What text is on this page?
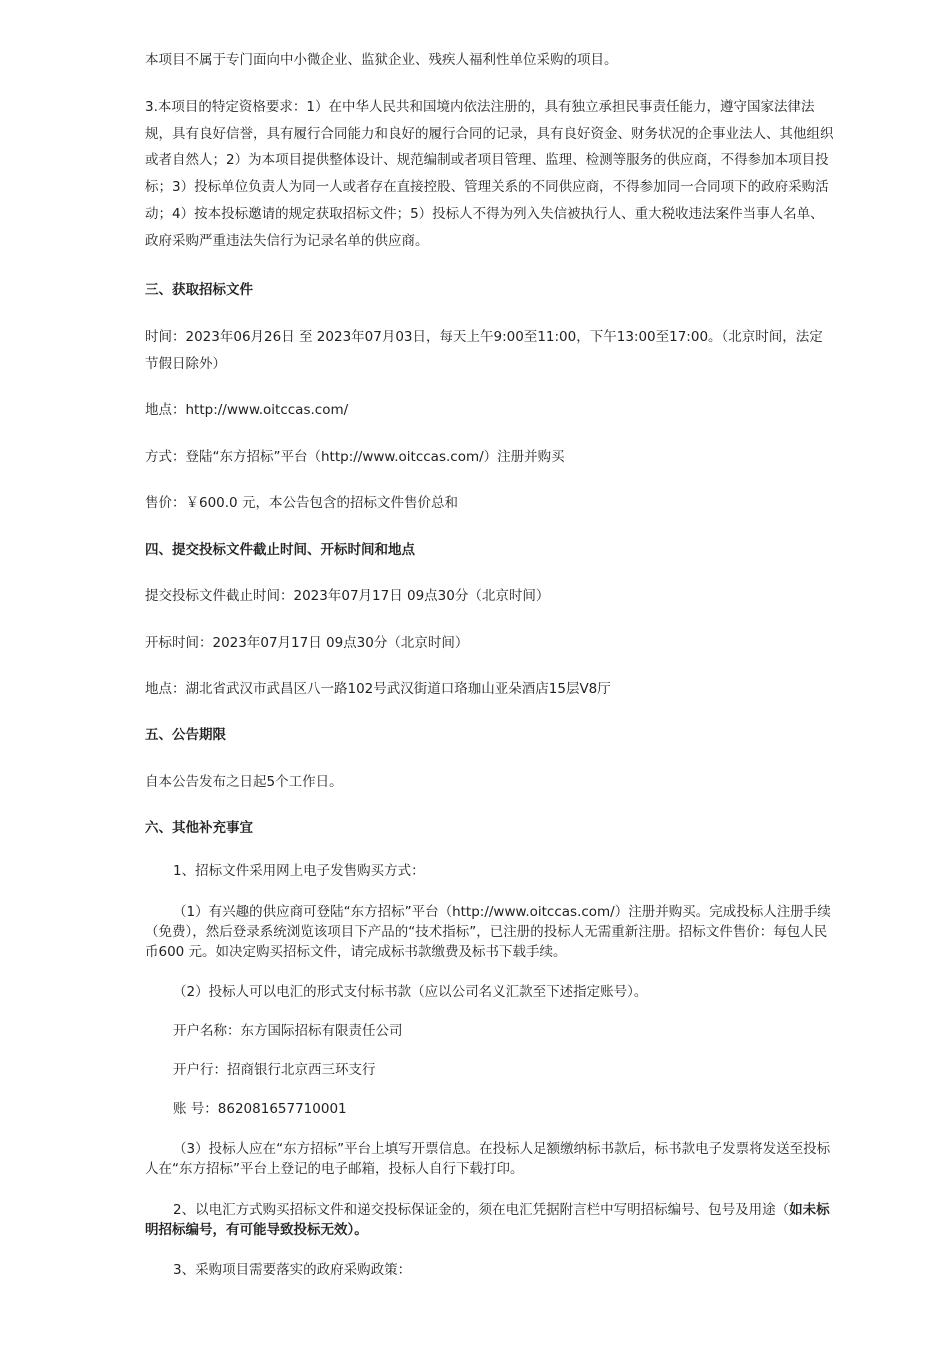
本项目不属于专门面向中小微企业、监狱企业、残疾人福利性单位采购的项目。

3.本项目的特定资格要求：1）在中华人民共和国境内依法注册的，具有独立承担民事责任能力，遵守国家法律法规，具有良好信誉，具有履行合同能力和良好的履行合同的记录，具有良好资金、财务状况的企事业法人、其他组织或者自然人；2）为本项目提供整体设计、规范编制或者项目管理、监理、检测等服务的供应商，不得参加本项目投标；3）投标单位负责人为同一人或者存在直接控股、管理关系的不同供应商，不得参加同一合同项下的政府采购活动；4）按本投标邀请的规定获取招标文件；5）投标人不得为列入失信被执行人、重大税收违法案件当事人名单、政府采购严重违法失信行为记录名单的供应商。

三、获取招标文件

时间：2023年06月26日 至 2023年07月03日，每天上午9:00至11:00，下午13:00至17:00。（北京时间，法定节假日除外）

地点：http://www.oitccas.com/

方式：登陆“东方招标”平台（http://www.oitccas.com/）注册并购买

售价：￥600.0 元，本公告包含的招标文件售价总和

四、提交投标文件截止时间、开标时间和地点

提交投标文件截止时间：2023年07月17日 09点30分（北京时间）

开标时间：2023年07月17日 09点30分（北京时间）

地点：湖北省武汉市武昌区八一路102号武汉街道口珞珈山亚朵酒店15层V8厅

五、公告期限

自本公告发布之日起5个工作日。

六、其他补充事宜

1、招标文件采用网上电子发售购买方式：

（1）有兴趣的供应商可登陆“东方招标”平台（http://www.oitccas.com/）注册并购买。完成投标人注册手续（免费），然后登录系统浏览该项目下产品的“技术指标”，已注册的投标人无需重新注册。招标文件售价：每包人民币600 元。如决定购买招标文件，请完成标书款缴费及标书下载手续。

（2）投标人可以电汇的形式支付标书款（应以公司名义汇款至下述指定账号）。

开户名称：东方国际招标有限责任公司

开户行：招商银行北京西三环支行

账 号：862081657710001

（3）投标人应在“东方招标”平台上填写开票信息。在投标人足额缴纳标书款后，标书款电子发票将发送至投标人在“东方招标”平台上登记的电子邮箱，投标人自行下载打印。

2、以电汇方式购买招标文件和递交投标保证金的，须在电汇凭据附言栏中写明招标编号、包号及用途（如未标明招标编号，有可能导致投标无效）。

3、采购项目需要落实的政府采购政策：
